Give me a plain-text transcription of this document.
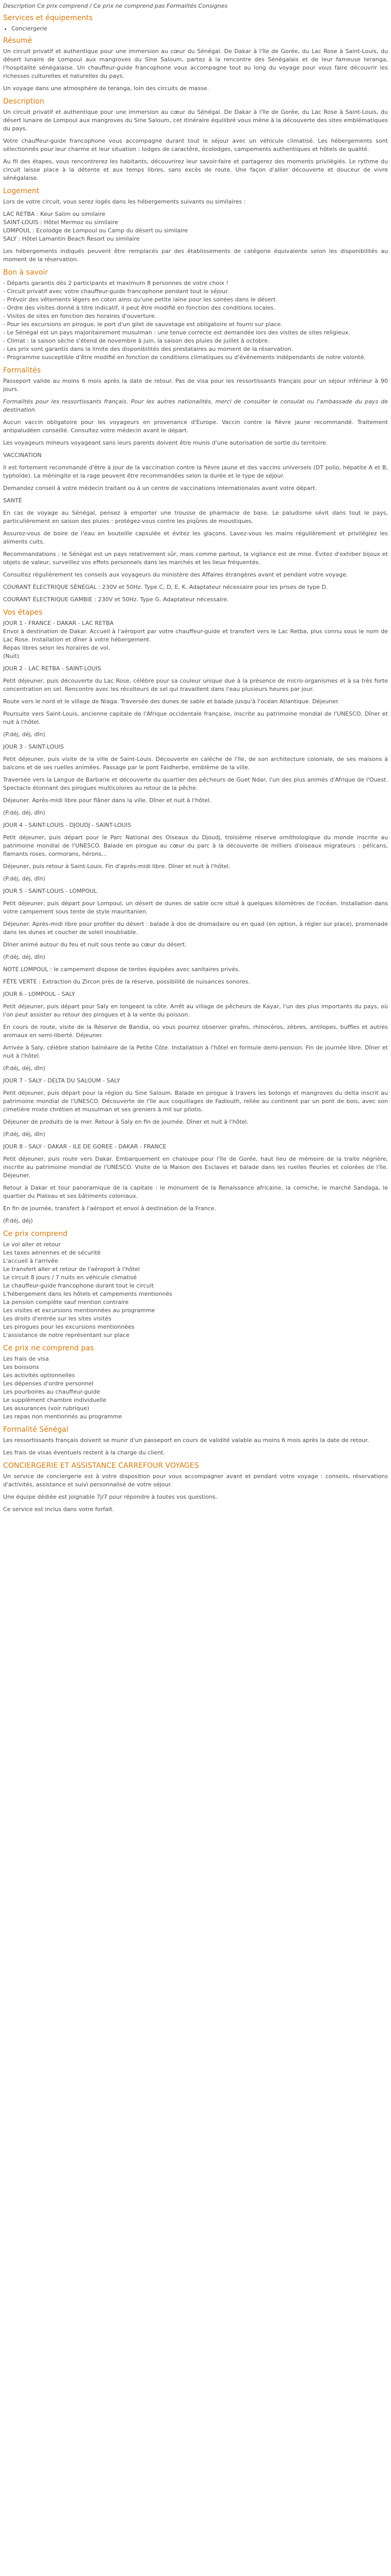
Description Ce prix comprend / Ce prix ne comprend pas Formalités Consignes
Services et équipements
• Conciergerie
Résumé

Un circuit privatif et authentique pour une immersion au cœur du Sénégal. De Dakar à l'île de Gorée, du Lac Rose à Saint-Louis, du désert lunaire de Lompoul aux mangroves du Sine Saloum, partez à la rencontre des Sénégalais et de leur fameuse teranga, l'hospitalité sénégalaise. Un chauffeur-guide francophone vous accompagne tout au long du voyage pour vous faire découvrir les richesses culturelles et naturelles du pays.

Un voyage dans une atmosphère de teranga, loin des circuits de masse.

Description

Un circuit privatif et authentique pour une immersion au cœur du Sénégal. De Dakar à l'île de Gorée, du Lac Rose à Saint-Louis, du désert lunaire de Lompoul aux mangroves du Sine Saloum, cet itinéraire équilibré vous mène à la découverte des sites emblématiques du pays.

Votre chauffeur-guide francophone vous accompagne durant tout le séjour avec un véhicule climatisé. Les hébergements sont sélectionnés pour leur charme et leur situation : lodges de caractère, écolodges, campements authentiques et hôtels de qualité.

Au fil des étapes, vous rencontrerez les habitants, découvrirez leur savoir-faire et partagerez des moments privilégiés. Le rythme du circuit laisse place à la détente et aux temps libres, sans excès de route. Une façon d'allier découverte et douceur de vivre sénégalaise.

Logement

Lors de votre circuit, vous serez logés dans les hébergements suivants ou similaires :

LAC RETBA : Keur Salim ou similaire
SAINT-LOUIS : Hôtel Mermoz ou similaire
LOMPOUL : Ecolodge de Lompoul ou Camp du désert ou similaire
SALY : Hôtel Lamantin Beach Resort ou similaire

Les hébergements indiqués peuvent être remplacés par des établissements de catégorie équivalente selon les disponibilités au moment de la réservation.

Bon à savoir

- Départs garantis dès 2 participants et maximum 8 personnes de votre choix !
- Circuit privatif avec votre chauffeur-guide francophone pendant tout le séjour.
- Prévoir des vêtements légers en coton ainsi qu'une petite laine pour les soirées dans le désert.
- Ordre des visites donné à titre indicatif, il peut être modifié en fonction des conditions locales.
- Visites de sites en fonction des horaires d'ouverture.
- Pour les excursions en pirogue, le port d'un gilet de sauvetage est obligatoire et fourni sur place.
- Le Sénégal est un pays majoritairement musulman : une tenue correcte est demandée lors des visites de sites religieux.
- Climat : la saison sèche s'étend de novembre à juin, la saison des pluies de juillet à octobre.
- Les prix sont garantis dans la limite des disponibilités des prestataires au moment de la réservation.
- Programme susceptible d'être modifié en fonction de conditions climatiques ou d'événements indépendants de notre volonté.

Formalités

Passeport valide au moins 6 mois après la date de retour. Pas de visa pour les ressortissants français pour un séjour inférieur à 90 jours.

Formalités pour les ressortissants français. Pour les autres nationalités, merci de consulter le consulat ou l'ambassade du pays de destination.

Aucun vaccin obligatoire pour les voyageurs en provenance d'Europe. Vaccin contre la fièvre jaune recommandé. Traitement antipaludéen conseillé. Consultez votre médecin avant le départ.

Les voyageurs mineurs voyageant sans leurs parents doivent être munis d'une autorisation de sortie du territoire.

VACCINATION

Il est fortement recommandé d'être à jour de la vaccination contre la fièvre jaune et des vaccins universels (DT polio, hépatite A et B, typhoïde). La méningite et la rage peuvent être recommandées selon la durée et le type de séjour.

Demandez conseil à votre médecin traitant ou à un centre de vaccinations internationales avant votre départ.

SANTÉ

En cas de voyage au Sénégal, pensez à emporter une trousse de pharmacie de base. Le paludisme sévit dans tout le pays, particulièrement en saison des pluies : protégez-vous contre les piqûres de moustiques.

Assurez-vous de boire de l'eau en bouteille capsulée et évitez les glaçons. Lavez-vous les mains régulièrement et privilégiez les aliments cuits.

Recommandations : le Sénégal est un pays relativement sûr, mais comme partout, la vigilance est de mise. Évitez d'exhiber bijoux et objets de valeur, surveillez vos effets personnels dans les marchés et les lieux fréquentés.

Consultez régulièrement les conseils aux voyageurs du ministère des Affaires étrangères avant et pendant votre voyage.

COURANT ÉLECTRIQUE SÉNÉGAL : 230V et 50Hz. Type C, D, E, K. Adaptateur nécessaire pour les prises de type D.

COURANT ÉLECTRIQUE GAMBIE : 230V et 50Hz. Type G. Adaptateur nécessaire.

Vos étapes

JOUR 1 - FRANCE - DAKAR - LAC RETBA
Envol à destination de Dakar. Accueil à l'aéroport par votre chauffeur-guide et transfert vers le Lac Retba, plus connu sous le nom de Lac Rose. Installation et dîner à votre hébergement.
Repas libres selon les horaires de vol.
(Nuit)

JOUR 2 - LAC RETBA - SAINT-LOUIS

Petit déjeuner, puis découverte du Lac Rose, célèbre pour sa couleur unique due à la présence de micro-organismes et à sa très forte concentration en sel. Rencontre avec les récolteurs de sel qui travaillent dans l'eau plusieurs heures par jour.

Route vers le nord et le village de Niaga. Traversée des dunes de sable et balade jusqu'à l'océan Atlantique. Déjeuner.

Poursuite vers Saint-Louis, ancienne capitale de l'Afrique occidentale française, inscrite au patrimoine mondial de l'UNESCO. Dîner et nuit à l'hôtel.

(P.déj, déj, dîn)

JOUR 3 - SAINT-LOUIS

Petit déjeuner, puis visite de la ville de Saint-Louis. Découverte en calèche de l'île, de son architecture coloniale, de ses maisons à balcons et de ses ruelles animées. Passage par le pont Faidherbe, emblème de la ville.

Traversée vers la Langue de Barbarie et découverte du quartier des pêcheurs de Guet Ndar, l'un des plus animés d'Afrique de l'Ouest. Spectacle étonnant des pirogues multicolores au retour de la pêche.

Déjeuner. Après-midi libre pour flâner dans la ville. Dîner et nuit à l'hôtel.

(P.déj, déj, dîn)

JOUR 4 - SAINT-LOUIS - DJOUDJ - SAINT-LOUIS

Petit déjeuner, puis départ pour le Parc National des Oiseaux du Djoudj, troisième réserve ornithologique du monde inscrite au patrimoine mondial de l'UNESCO. Balade en pirogue au cœur du parc à la découverte de milliers d'oiseaux migrateurs : pélicans, flamants roses, cormorans, hérons...

Déjeuner, puis retour à Saint-Louis. Fin d'après-midi libre. Dîner et nuit à l'hôtel.

(P.déj, déj, dîn)

JOUR 5 - SAINT-LOUIS - LOMPOUL

Petit déjeuner, puis départ pour Lompoul, un désert de dunes de sable ocre situé à quelques kilomètres de l'océan. Installation dans votre campement sous tente de style mauritanien.

Déjeuner. Après-midi libre pour profiter du désert : balade à dos de dromadaire ou en quad (en option, à régler sur place), promenade dans les dunes et coucher de soleil inoubliable.

Dîner animé autour du feu et nuit sous tente au cœur du désert.

(P.déj, déj, dîn)

NOTE LOMPOUL : le campement dispose de tentes équipées avec sanitaires privés.

FÊTE VERTE : Extraction du Zircon près de la réserve, possibilité de nuisances sonores.

JOUR 6 - LOMPOUL - SALY

Petit déjeuner, puis départ pour Saly en longeant la côte. Arrêt au village de pêcheurs de Kayar, l'un des plus importants du pays, où l'on peut assister au retour des pirogues et à la vente du poisson.

En cours de route, visite de la Réserve de Bandia, où vous pourrez observer girafes, rhinocéros, zèbres, antilopes, buffles et autres animaux en semi-liberté. Déjeuner.

Arrivée à Saly, célèbre station balnéaire de la Petite Côte. Installation à l'hôtel en formule demi-pension. Fin de journée libre. Dîner et nuit à l'hôtel.

(P.déj, déj, dîn)

JOUR 7 - SALY - DELTA DU SALOUM - SALY

Petit déjeuner, puis départ pour la région du Sine Saloum. Balade en pirogue à travers les bolongs et mangroves du delta inscrit au patrimoine mondial de l'UNESCO. Découverte de l'île aux coquillages de Fadiouth, reliée au continent par un pont de bois, avec son cimetière mixte chrétien et musulman et ses greniers à mil sur pilotis.

Déjeuner de produits de la mer. Retour à Saly en fin de journée. Dîner et nuit à l'hôtel.

(P.déj, déj, dîn)

JOUR 8 - SALY - DAKAR - ILE DE GOREE - DAKAR - FRANCE

Petit déjeuner, puis route vers Dakar. Embarquement en chaloupe pour l'île de Gorée, haut lieu de mémoire de la traite négrière, inscrite au patrimoine mondial de l'UNESCO. Visite de la Maison des Esclaves et balade dans les ruelles fleuries et colorées de l'île. Déjeuner.

Retour à Dakar et tour panoramique de la capitale : le monument de la Renaissance africaine, la corniche, le marché Sandaga, le quartier du Plateau et ses bâtiments coloniaux.

En fin de journée, transfert à l'aéroport et envol à destination de la France.

(P.déj, déj)

Ce prix comprend

Le vol aller et retour
Les taxes aériennes et de sécurité
L'accueil à l'arrivée
Le transfert aller et retour de l'aéroport à l'hôtel
Le circuit 8 jours / 7 nuits en véhicule climatisé
Le chauffeur-guide francophone durant tout le circuit
L'hébergement dans les hôtels et campements mentionnés
La pension complète sauf mention contraire
Les visites et excursions mentionnées au programme
Les droits d'entrée sur les sites visités
Les pirogues pour les excursions mentionnées
L'assistance de notre représentant sur place

Ce prix ne comprend pas

Les frais de visa
Les boissons
Les activités optionnelles
Les dépenses d'ordre personnel
Les pourboires au chauffeur-guide
Le supplément chambre individuelle
Les assurances (voir rubrique)
Les repas non mentionnés au programme

Formalité Sénégal

Les ressortissants français doivent se munir d'un passeport en cours de validité valable au moins 6 mois après la date de retour.

Les frais de visas éventuels restent à la charge du client.

CONCIERGERIE ET ASSISTANCE CARREFOUR VOYAGES

Un service de conciergerie est à votre disposition pour vous accompagner avant et pendant votre voyage : conseils, réservations d'activités, assistance et suivi personnalisé de votre séjour.

Une équipe dédiée est joignable 7j/7 pour répondre à toutes vos questions.

Ce service est inclus dans votre forfait.
